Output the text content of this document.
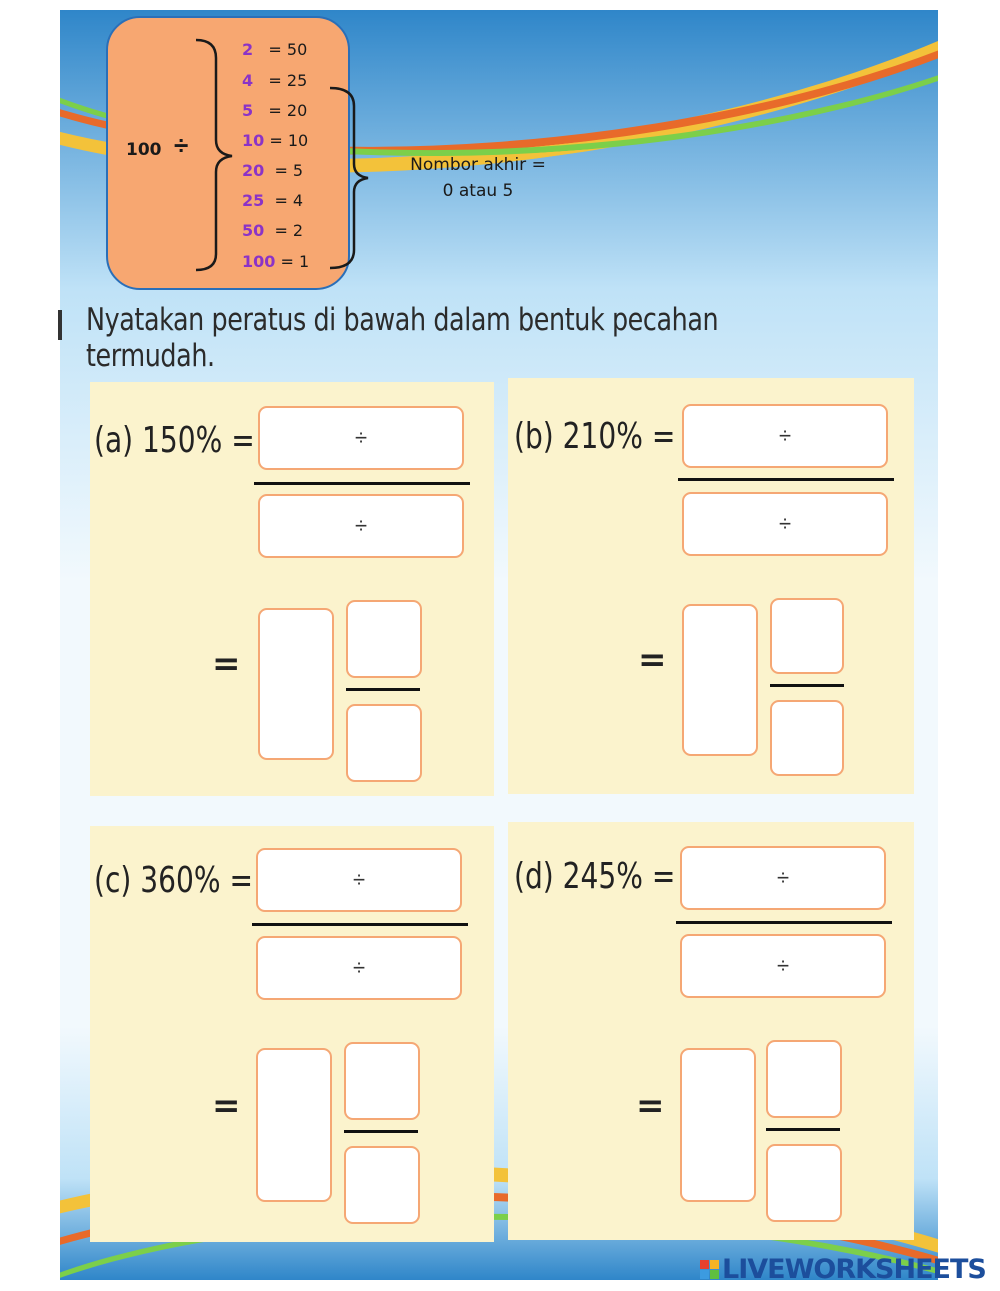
100 ÷
2 = 50
4 = 25
5 = 20
10 = 10
20 = 5
25 = 4
50 = 2
100 = 1
Nombor akhir =
0 atau 5
Nyatakan peratus di bawah dalam bentuk pecahan termudah.
(a) 150% =	÷
÷
=
(b) 210% =	÷
÷
=
(c) 360% =	÷
÷
=
(d) 245% =	÷
÷
=
LIVEWORKSHEETS
